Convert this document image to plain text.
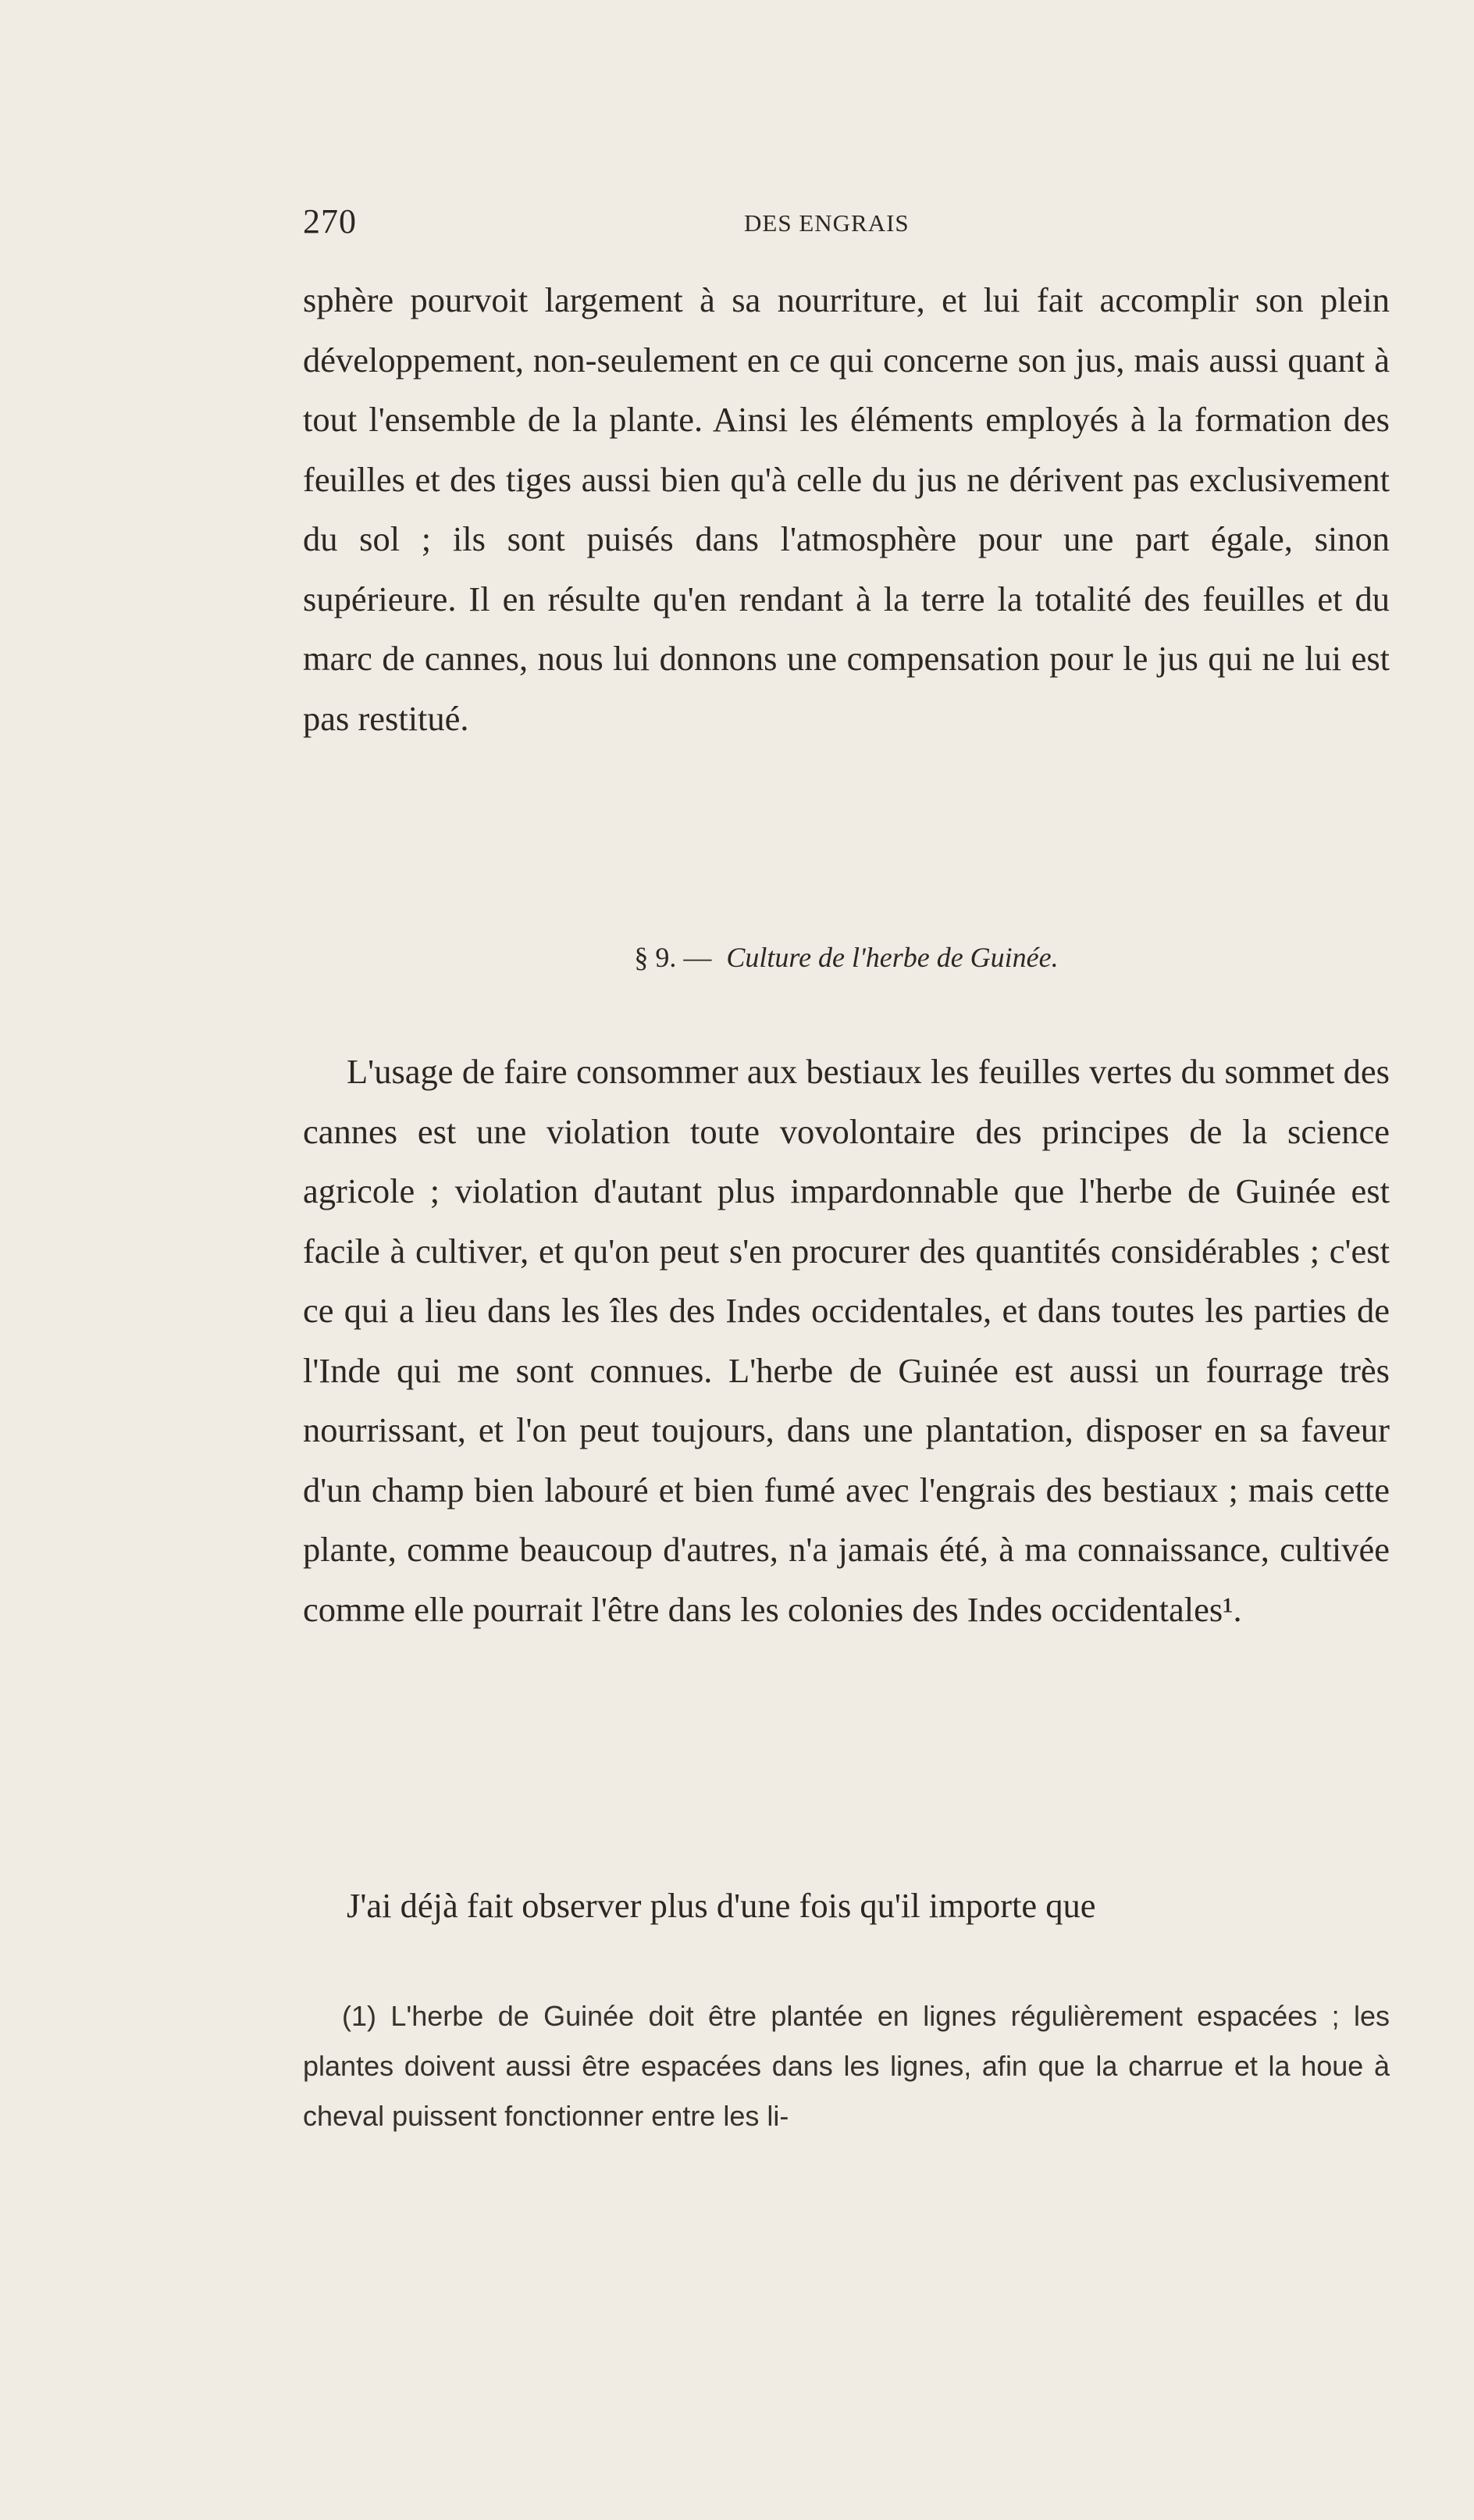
270	DES ENGRAIS
sphère pourvoit largement à sa nourriture, et lui fait accomplir son plein développement, non-seulement en ce qui concerne son jus, mais aussi quant à tout l'ensemble de la plante. Ainsi les éléments employés à la formation des feuilles et des tiges aussi bien qu'à celle du jus ne dérivent pas exclusivement du sol ; ils sont puisés dans l'atmosphère pour une part égale, sinon supérieure. Il en résulte qu'en rendant à la terre la totalité des feuilles et du marc de cannes, nous lui donnons une compensation pour le jus qui ne lui est pas restitué.
§ 9. — Culture de l'herbe de Guinée.
L'usage de faire consommer aux bestiaux les feuilles vertes du sommet des cannes est une violation toute vovolontaire des principes de la science agricole ; violation d'autant plus impardonnable que l'herbe de Guinée est facile à cultiver, et qu'on peut s'en procurer des quantités considérables ; c'est ce qui a lieu dans les îles des Indes occidentales, et dans toutes les parties de l'Inde qui me sont connues. L'herbe de Guinée est aussi un fourrage très nourrissant, et l'on peut toujours, dans une plantation, disposer en sa faveur d'un champ bien labouré et bien fumé avec l'engrais des bestiaux ; mais cette plante, comme beaucoup d'autres, n'a jamais été, à ma connaissance, cultivée comme elle pourrait l'être dans les colonies des Indes occidentales¹.
J'ai déjà fait observer plus d'une fois qu'il importe que
(1) L'herbe de Guinée doit être plantée en lignes régulièrement espacées ; les plantes doivent aussi être espacées dans les lignes, afin que la charrue et la houe à cheval puissent fonctionner entre les li-
